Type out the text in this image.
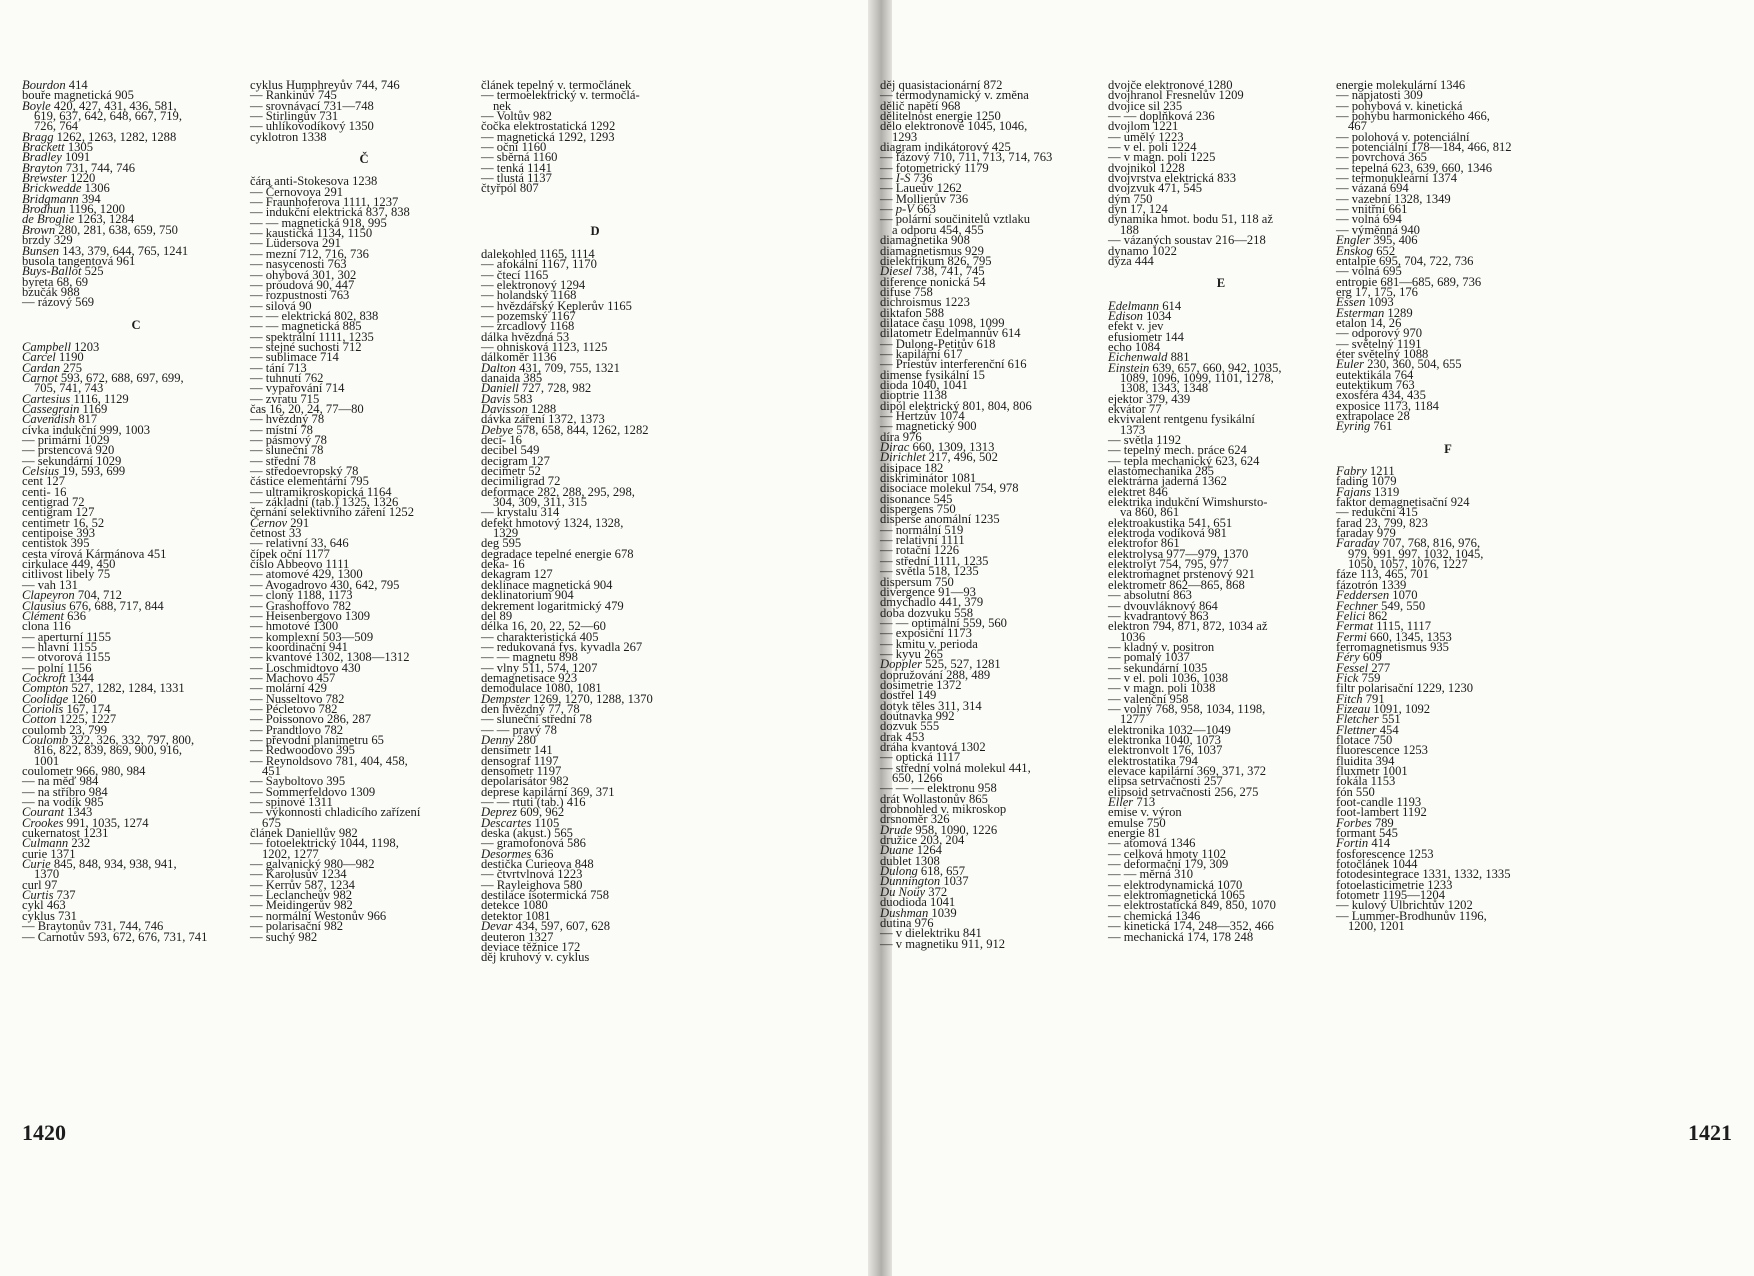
Bourdon 414
bouře magnetická 905
Boyle 420, 427, 431, 436, 581,
619, 637, 642, 648, 667, 719,
726, 764
Bragg 1262, 1263, 1282, 1288
Brackett 1305
Bradley 1091
Brayton 731, 744, 746
Brewster 1220
Brickwedde 1306
Bridgmann 394
Brodhun 1196, 1200
de Broglie 1263, 1284
Brown 280, 281, 638, 659, 750
brzdy 329
Bunsen 143, 379, 644, 765, 1241
busola tangentová 961
Buys-Ballot 525
byreta 68, 69
bzučák 988
— rázový 569
C
Campbell 1203
Carcel 1190
Cardan 275
Carnot 593, 672, 688, 697, 699,
705, 741, 743
Cartesius 1116, 1129
Cassegrain 1169
Cavendish 817
cívka indukční 999, 1003
— primární 1029
— prstencová 920
— sekundární 1029
Celsius 19, 593, 699
cent 127
centi- 16
centigrad 72
centigram 127
centimetr 16, 52
centipoise 393
centistok 395
cesta vírová Kármánova 451
cirkulace 449, 450
citlivost libely 75
— vah 131
Clapeyron 704, 712
Clausius 676, 688, 717, 844
Clément 636
clona 116
— aperturní 1155
— hlavní 1155
— otvorová 1155
— polní 1156
Cockroft 1344
Compton 527, 1282, 1284, 1331
Coolidge 1260
Coriolis 167, 174
Cotton 1225, 1227
coulomb 23, 799
Coulomb 322, 326, 332, 797, 800,
816, 822, 839, 869, 900, 916,
1001
coulometr 966, 980, 984
— na měď 984
— na stříbro 984
— na vodík 985
Courant 1343
Crookes 991, 1035, 1274
cukernatost 1231
Culmann 232
curie 1371
Curie 845, 848, 934, 938, 941,
1370
curl 97
Curtis 737
cykl 463
cyklus 731
— Braytonův 731, 744, 746
— Carnotův 593, 672, 676, 731, 741
cyklus Humphreyův 744, 746
— Rankinův 745
— srovnávací 731—748
— Stirlingův 731
— uhlíkovodíkový 1350
cyklotron 1338
Č
čára anti-Stokesova 1238
— Černovova 291
— Fraunhoferova 1111, 1237
— indukční elektrická 837, 838
— — magnetická 918, 995
— kaustická 1134, 1150
— Lüdersova 291
— mezní 712, 716, 736
— nasycenosti 763
— ohybová 301, 302
— proudová 90, 447
— rozpustnosti 763
— silová 90
— — elektrická 802, 838
— — magnetická 885
— spektrální 1111, 1235
— stejné suchosti 712
— sublimace 714
— tání 713
— tuhnutí 762
— vypařování 714
— zvratu 715
čas 16, 20, 24, 77—80
— hvězdný 78
— místní 78
— pásmový 78
— sluneční 78
— střední 78
— středoevropský 78
částice elementární 795
— ultramikroskopická 1164
— základní (tab.) 1325, 1326
černání selektivního záření 1252
Černov 291
četnost 33
— relativní 33, 646
čípek oční 1177
číslo Abbeovo 1111
— atomové 429, 1300
— Avogadrovo 430, 642, 795
— clony 1188, 1173
— Grashoffovo 782
— Heisenbergovo 1309
— hmotové 1300
— komplexní 503—509
— koordinační 941
— kvantové 1302, 1308—1312
— Loschmidtovo 430
— Machovo 457
— molární 429
— Nusseltovo 782
— Pécletovo 782
— Poissonovo 286, 287
— Prandtlovo 782
— převodní planimetru 65
— Redwoodovo 395
— Reynoldsovo 781, 404, 458,
451
— Sayboltovo 395
— Sommerfeldovo 1309
— spinové 1311
— výkonnosti chladicího zařízení
675
článek Daniellův 982
— fotoelektrický 1044, 1198,
1202, 1277
— galvanický 980—982
— Karolusův 1234
— Kerrův 587, 1234
— Leclancheův 982
— Meidingerův 982
— normální Westonův 966
— polarisační 982
— suchý 982
článek tepelný v. termočlánek
— termoelektrický v. termočlá-
nek
— Voltův 982
čočka elektrostatická 1292
— magnetická 1292, 1293
— oční 1160
— sběrná 1160
— tenká 1141
— tlustá 1137
čtyřpól 807
D
dalekohled 1165, 1114
— afokální 1167, 1170
— čtecí 1165
— elektronový 1294
— holandský 1168
— hvězdářský Keplerův 1165
— pozemský 1167
— zrcadlový 1168
dálka hvězdná 53
— ohnisková 1123, 1125
dálkoměr 1136
Dalton 431, 709, 755, 1321
danaida 385
Daniell 727, 728, 982
Davis 583
Davisson 1288
dávka záření 1372, 1373
Debye 578, 658, 844, 1262, 1282
deci- 16
decibel 549
decigram 127
decimetr 52
decimiligrad 72
deformace 282, 288, 295, 298,
304, 309, 311, 315
— krystalu 314
defekt hmotový 1324, 1328,
1329
deg 595
degradace tepelné energie 678
deka- 16
dekagram 127
deklinace magnetická 904
deklinatorium 904
dekrement logaritmický 479
del 89
délka 16, 20, 22, 52—60
— charakteristická 405
— redukovaná fys. kyvadla 267
— — magnetu 898
— vlny 511, 574, 1207
demagnetisace 923
demodulace 1080, 1081
Dempster 1269, 1270, 1288, 1370
den hvězdný 77, 78
— sluneční střední 78
— — pravý 78
Denny 280
densimetr 141
densograf 1197
densometr 1197
depolarisátor 982
deprese kapilární 369, 371
— — rtuti (tab.) 416
Deprez 609, 962
Descartes 1105
deska (akust.) 565
— gramofonová 586
Desormes 636
destička Curieova 848
— čtvrtvlnová 1223
— Rayleighova 580
destilace isotermická 758
detekce 1080
detektor 1081
Devar 434, 597, 607, 628
deuteron 1327
deviace těžnice 172
děj kruhový v. cyklus
1420
děj quasistacionární 872
— termodynamický v. změna
dělič napětí 968
dělitelnost energie 1250
dělo elektronové 1045, 1046,
1293
diagram indikátorový 425
— fázový 710, 711, 713, 714, 763
— fotometrický 1179
— I-S 736
— Laueův 1262
— Mollierův 736
— p-V 663
— polární součinitelů vztlaku
a odporu 454, 455
diamagnetika 908
diamagnetismus 929
dielektrikum 826, 795
Diesel 738, 741, 745
diference nonická 54
difuse 758
dichroismus 1223
diktafon 588
dilatace času 1098, 1099
dilatometr Edelmannův 614
— Dulong-Petitův 618
— kapilární 617
— Priestův interferenční 616
dimense fysikální 15
dioda 1040, 1041
dioptrie 1138
dipól elektrický 801, 804, 806
— Hertzův 1074
— magnetický 900
díra 976
Dirac 660, 1309, 1313
Dirichlet 217, 496, 502
disipace 182
diskriminátor 1081
disociace molekul 754, 978
disonance 545
dispergens 750
disperse anomální 1235
— normální 519
— relativní 1111
— rotační 1226
— střední 1111, 1235
— světla 518, 1235
dispersum 750
divergence 91—93
dmychadlo 441, 379
doba dozvuku 558
— — optimální 559, 560
— exposiční 1173
— kmitu v. perioda
— kyvu 265
Doppler 525, 527, 1281
dopružování 288, 489
dosimetrie 1372
dostřel 149
dotyk těles 311, 314
doutnavka 992
dozvuk 555
drak 453
dráha kvantová 1302
— optická 1117
— střední volná molekul 441,
650, 1266
— — — elektronu 958
drát Wollastonův 865
drobnohled v. mikroskop
drsnoměr 326
Drude 958, 1090, 1226
družice 203, 204
Duane 1264
dublet 1308
Dulong 618, 657
Dunnington 1037
Du Noüy 372
duodioda 1041
Dushman 1039
dutina 976
— v dielektriku 841
— v magnetiku 911, 912
dvojče elektronové 1280
dvojhranol Fresnelův 1209
dvojice sil 235
— — doplňková 236
dvojlom 1221
— umělý 1223
— v el. poli 1224
— v magn. poli 1225
dvojnikol 1228
dvojvrstva elektrická 833
dvojzvuk 471, 545
dým 750
dyn 17, 124
dynamika hmot. bodu 51, 118 až
188
— vázaných soustav 216—218
dynamo 1022
dýza 444
E
Edelmann 614
Edison 1034
efekt v. jev
efusiometr 144
echo 1084
Eichenwald 881
Einstein 639, 657, 660, 942, 1035,
1089, 1096, 1099, 1101, 1278,
1308, 1343, 1348
ejektor 379, 439
ekvátor 77
ekvivalent rentgenu fysikální
1373
— světla 1192
— tepelný mech. práce 624
— tepla mechanický 623, 624
elastomechanika 285
elektrárna jaderná 1362
elektret 846
elektrika indukční Wimshursto-
va 860, 861
elektroakustika 541, 651
elektroda vodíková 981
elektrofor 861
elektrolysa 977—979, 1370
elektrolyt 754, 795, 977
elektromagnet prstenový 921
elektrometr 862—865, 868
— absolutní 863
— dvouvláknový 864
— kvadrantový 863
elektron 794, 871, 872, 1034 až
1036
— kladný v. positron
— pomalý 1037
— sekundární 1035
— v el. poli 1036, 1038
— v magn. poli 1038
— valenční 958
— volný 768, 958, 1034, 1198,
1277
elektronika 1032—1049
elektronka 1040, 1073
elektronvolt 176, 1037
elektrostatika 794
elevace kapilární 369, 371, 372
elipsa setrvačnosti 257
elipsoid setrvačnosti 256, 275
Eller 713
emise v. výron
emulse 750
energie 81
— atomová 1346
— celková hmoty 1102
— deformační 179, 309
— — měrná 310
— elektrodynamická 1070
— elektromagnetická 1065
— elektrostatická 849, 850, 1070
— chemická 1346
— kinetická 174, 248—352, 466
— mechanická 174, 178 248
energie molekulární 1346
— napjatosti 309
— pohybová v. kinetická
— pohybu harmonického 466,
467
— polohová v. potenciální
— potenciální 178—184, 466, 812
— povrchová 365
— tepelná 623, 639, 660, 1346
— termonukleární 1374
— vázaná 694
— vazební 1328, 1349
— vnitřní 661
— volná 694
— výměnná 940
Engler 395, 406
Enskog 652
entalpie 695, 704, 722, 736
— volná 695
entropie 681—685, 689, 736
erg 17, 175, 176
Essen 1093
Esterman 1289
etalon 14, 26
— odporový 970
— světelný 1191
éter světelný 1088
Euler 230, 360, 504, 655
eutektikála 764
eutektikum 763
exosféra 434, 435
exposice 1173, 1184
extrapolace 28
Eyring 761
F
Fabry 1211
fading 1079
Fajans 1319
faktor demagnetisační 924
— redukční 415
farad 23, 799, 823
faraday 979
Faraday 707, 768, 816, 976,
979, 991, 997, 1032, 1045,
1050, 1057, 1076, 1227
fáze 113, 465, 701
fázotrón 1339
Feddersen 1070
Fechner 549, 550
Felici 862
Fermat 1115, 1117
Fermi 660, 1345, 1353
ferromagnetismus 935
Féry 609
Fessel 277
Fick 759
filtr polarisační 1229, 1230
Fitch 791
Fizeau 1091, 1092
Fletcher 551
Flettner 454
flotace 750
fluorescence 1253
fluidita 394
fluxmetr 1001
fokála 1153
fón 550
foot-candle 1193
foot-lambert 1192
Forbes 789
formant 545
Fortin 414
fosforescence 1253
fotočlánek 1044
fotodesintegrace 1331, 1332, 1335
fotoelasticimetrie 1233
fotometr 1195—1204
— kulový Ulbrichtův 1202
— Lummer-Brodhunův 1196,
1200, 1201
1421
